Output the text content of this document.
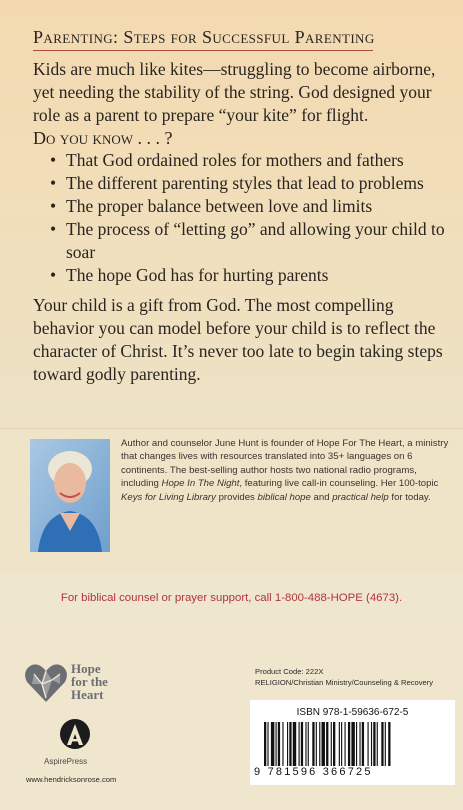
Parenting: Steps for Successful Parenting

Kids are much like kites—struggling to become airborne, yet needing the stability of the string. God designed your role as a parent to prepare “your kite” for flight.

Do you know . . . ?
• That God ordained roles for mothers and fathers
• The different parenting styles that lead to problems
• The proper balance between love and limits
• The process of “letting go” and allowing your child to soar
• The hope God has for hurting parents

Your child is a gift from God. The most compelling behavior you can model before your child is to reflect the character of Christ. It’s never too late to begin taking steps toward godly parenting.

Author and counselor June Hunt is founder of Hope For The Heart, a ministry that changes lives with resources translated into 35+ languages on 6 continents. The best-selling author hosts two national radio programs, including Hope In The Night, featuring live call-in counseling. Her 100-topic Keys for Living Library provides biblical hope and practical help for today.

For biblical counsel or prayer support, call 1-800-488-HOPE (4673).
Hope
for the
Heart
AspirePress
www.hendricksonrose.com
Product Code: 222X
RELIGION/Christian Ministry/Counseling & Recovery
ISBN 978-1-59636-672-5
9 781596 366725
